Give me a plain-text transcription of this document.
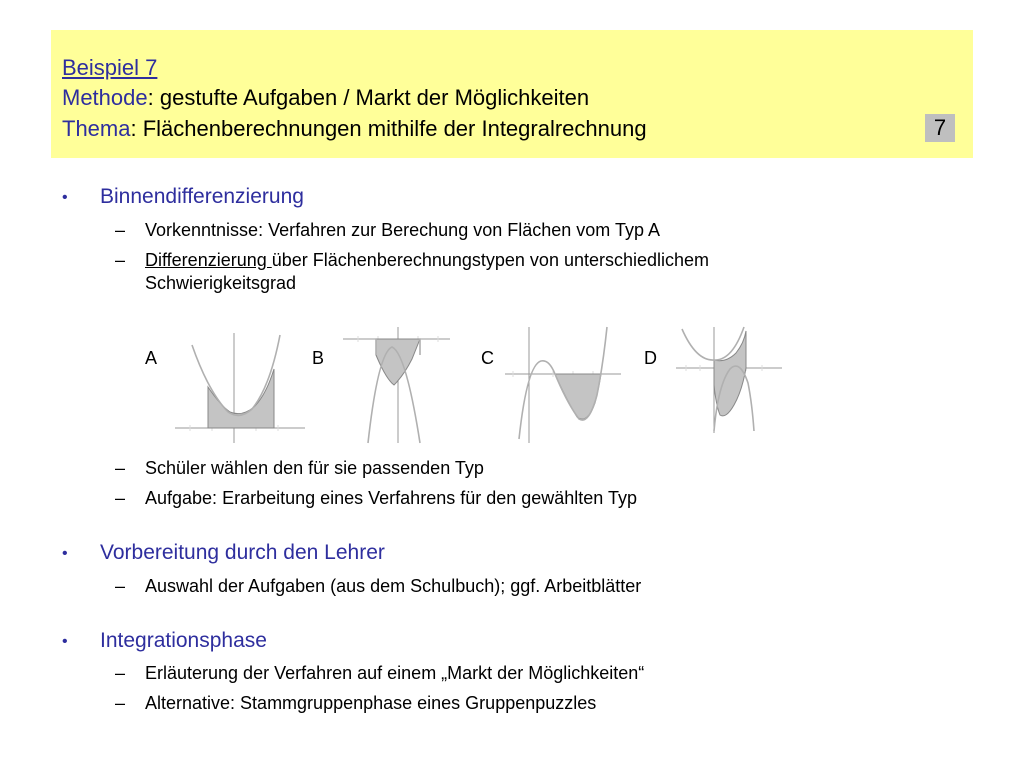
Beispiel 7
Methode: gestufte Aufgaben / Markt der Möglichkeiten
Thema: Flächenberechnungen mithilfe der Integralrechnung	7
• Binnendifferenzierung
– Vorkenntnisse: Verfahren zur Berechung von Flächen vom Typ A
– Differenzierung über Flächenberechnungstypen von unterschiedlichem
Schwierigkeitsgrad
A	B	C	D
– Schüler wählen den für sie passenden Typ
– Aufgabe: Erarbeitung eines Verfahrens für den gewählten Typ
• Vorbereitung durch den Lehrer
– Auswahl der Aufgaben (aus dem Schulbuch); ggf. Arbeitblätter
• Integrationsphase
– Erläuterung der Verfahren auf einem „Markt der Möglichkeiten“
– Alternative: Stammgruppenphase eines Gruppenpuzzles
